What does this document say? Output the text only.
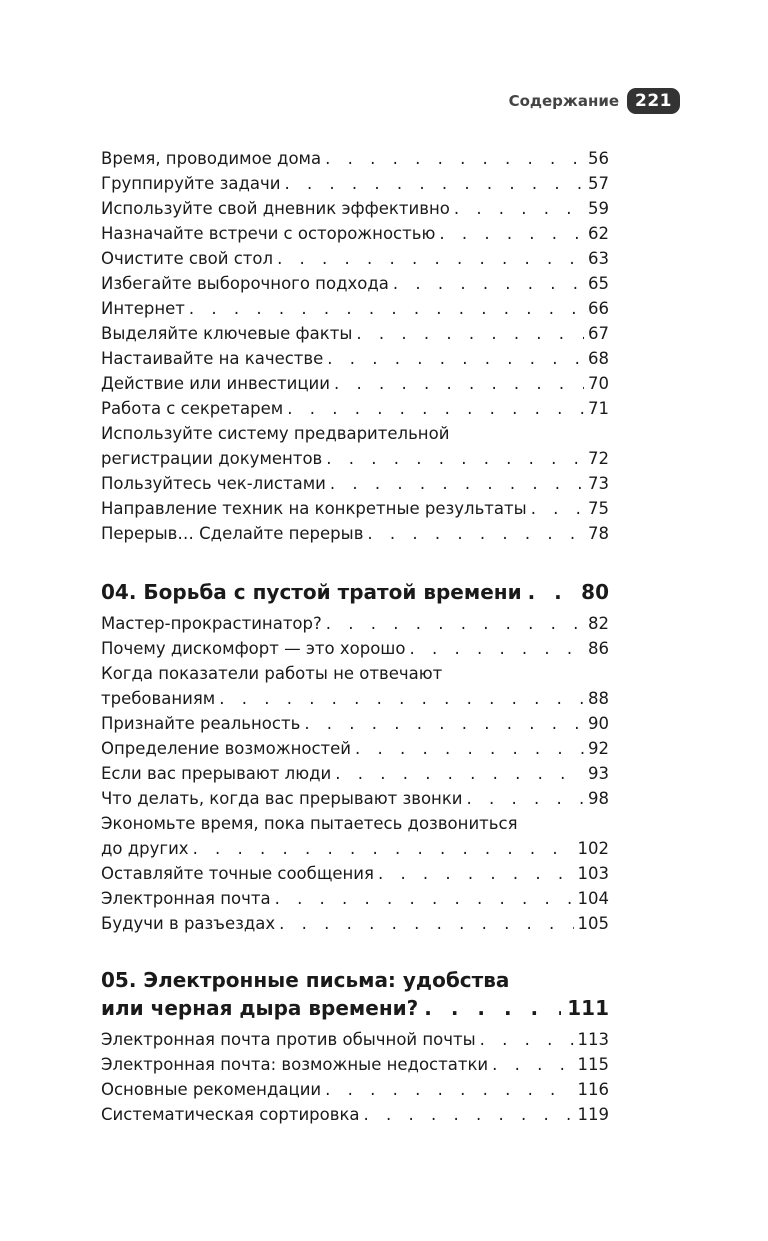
Содержание 221
Время, проводимое дома . . .	56
Группируйте задачи . . .	57
Используйте свой дневник эффективно . . .	59
Назначайте встречи с осторожностью . . .	62
Очистите свой стол . . .	63
Избегайте выборочного подхода . . .	65
Интернет . . .	66
Выделяйте ключевые факты . . .	67
Настаивайте на качестве . . .	68
Действие или инвестиции . . .	70
Работа с секретарем . . .	71
Используйте систему предварительной
регистрации документов . . .	72
Пользуйтесь чек-листами . . .	73
Направление техник на конкретные результаты . . .	75
Перерыв… Сделайте перерыв . . .	78
04. Борьба с пустой тратой времени . . .	80
Мастер-прокрастинатор? . . .	82
Почему дискомфорт — это хорошо . . .	86
Когда показатели работы не отвечают
требованиям . . .	88
Признайте реальность . . .	90
Определение возможностей . . .	92
Если вас прерывают люди . . .	93
Что делать, когда вас прерывают звонки . . .	98
Экономьте время, пока пытаетесь дозвониться
до других . . .	102
Оставляйте точные сообщения . . .	103
Электронная почта . . .	104
Будучи в разъездах . . .	105
05. Электронные письма: удобства
или черная дыра времени? . . .	111
Электронная почта против обычной почты . . .	113
Электронная почта: возможные недостатки . . .	115
Основные рекомендации . . .	116
Систематическая сортировка . . .	119
